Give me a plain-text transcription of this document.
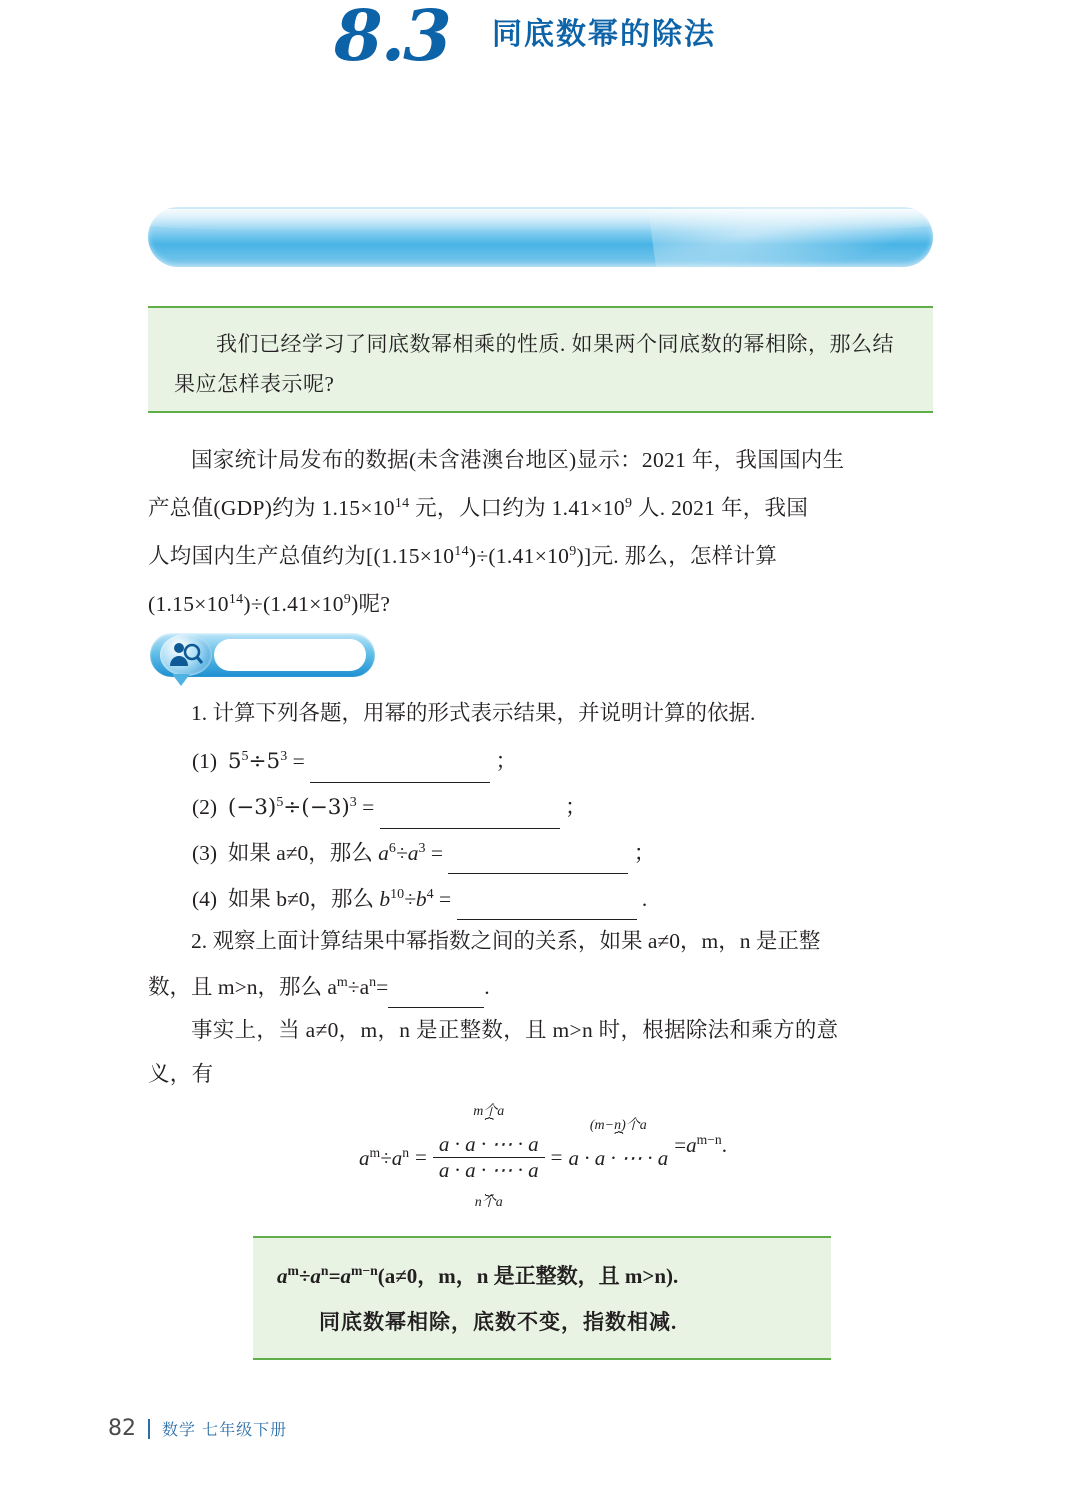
8.3 同底数幂的除法

我们已经学习了同底数幂相乘的性质. 如果两个同底数的幂相除，那么结果应怎样表示呢?

国家统计局发布的数据(未含港澳台地区)显示：2021 年，我国国内生
产总值(GDP)约为 $1.15\times 10^{14}$ 元，人口约为 $1.41\times 10^9$ 人. 2021 年，我国
人均国内生产总值约为$[(1.15\times 10^{14})\div(1.41\times 10^9)]$元. 那么，怎样计算
$(1.15\times 10^{14})\div(1.41\times 10^9)$呢?
1. 计算下列各题，用幂的形式表示结果，并说明计算的依据.
(1) $5^5\div 5^3$ =	；
(2) $(-3)^5\div(-3)^3$ =	；
(3) 如果 a≠0，那么 $a^6\div a^3$ =	；
(4) 如果 b≠0，那么 $b^{10}\div b^4$ =	.
2. 观察上面计算结果中幂指数之间的关系，如果 a≠0，m，n 是正整
数，且 m>n，那么 $a^m\div a^n=$	.
事实上，当 a≠0，m，n 是正整数，且 m>n 时，根据除法和乘方的意
义，有
$a^m\div a^n$ =
m个a
⏞
$\frac{a \cdot a \cdot \cdots \cdot a}{a \cdot a \cdot \cdots \cdot a}$
⏟
n个a
=
(m−n)个a
⏞
a · a · ⋯ · a
$=a^{m-n}$.
$a^m\div a^n=a^{m-n}(a\ne 0$，m，n 是正整数，且 m>n).
同底数幂相除，底数不变，指数相减.
82 数学 七年级下册
